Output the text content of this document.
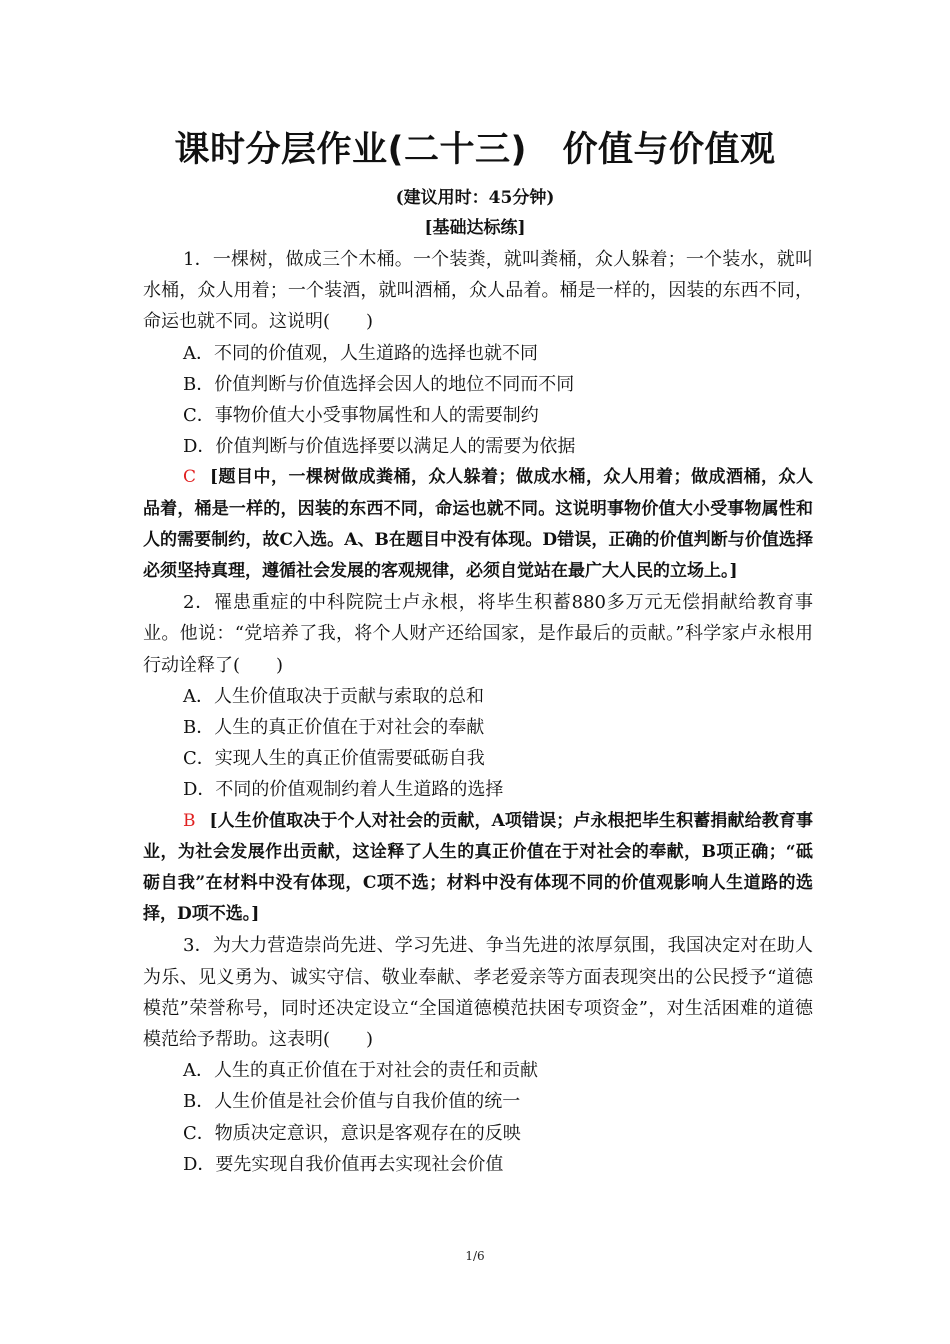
课时分层作业(二十三)　价值与价值观
(建议用时：45分钟)
[基础达标练]

1．一棵树，做成三个木桶。一个装粪，就叫粪桶，众人躲着；一个装水，就叫水桶，众人用着；一个装酒，就叫酒桶，众人品着。桶是一样的，因装的东西不同，命运也就不同。这说明(　　)

A．不同的价值观，人生道路的选择也就不同

B．价值判断与价值选择会因人的地位不同而不同

C．事物价值大小受事物属性和人的需要制约

D．价值判断与价值选择要以满足人的需要为依据

C [题目中，一棵树做成粪桶，众人躲着；做成水桶，众人用着；做成酒桶，众人品着，桶是一样的，因装的东西不同，命运也就不同。这说明事物价值大小受事物属性和人的需要制约，故C入选。A、B在题目中没有体现。D错误，正确的价值判断与价值选择必须坚持真理，遵循社会发展的客观规律，必须自觉站在最广大人民的立场上。]

2．罹患重症的中科院院士卢永根，将毕生积蓄880多万元无偿捐献给教育事业。他说：“党培养了我，将个人财产还给国家，是作最后的贡献。”科学家卢永根用行动诠释了(　　)

A．人生价值取决于贡献与索取的总和

B．人生的真正价值在于对社会的奉献

C．实现人生的真正价值需要砥砺自我

D．不同的价值观制约着人生道路的选择

B [人生价值取决于个人对社会的贡献，A项错误；卢永根把毕生积蓄捐献给教育事业，为社会发展作出贡献，这诠释了人生的真正价值在于对社会的奉献，B项正确；“砥砺自我”在材料中没有体现，C项不选；材料中没有体现不同的价值观影响人生道路的选择，D项不选。]

3．为大力营造崇尚先进、学习先进、争当先进的浓厚氛围，我国决定对在助人为乐、见义勇为、诚实守信、敬业奉献、孝老爱亲等方面表现突出的公民授予“道德模范”荣誉称号，同时还决定设立“全国道德模范扶困专项资金”，对生活困难的道德模范给予帮助。这表明(　　)

A．人生的真正价值在于对社会的责任和贡献

B．人生价值是社会价值与自我价值的统一

C．物质决定意识，意识是客观存在的反映

D．要先实现自我价值再去实现社会价值

1/6
